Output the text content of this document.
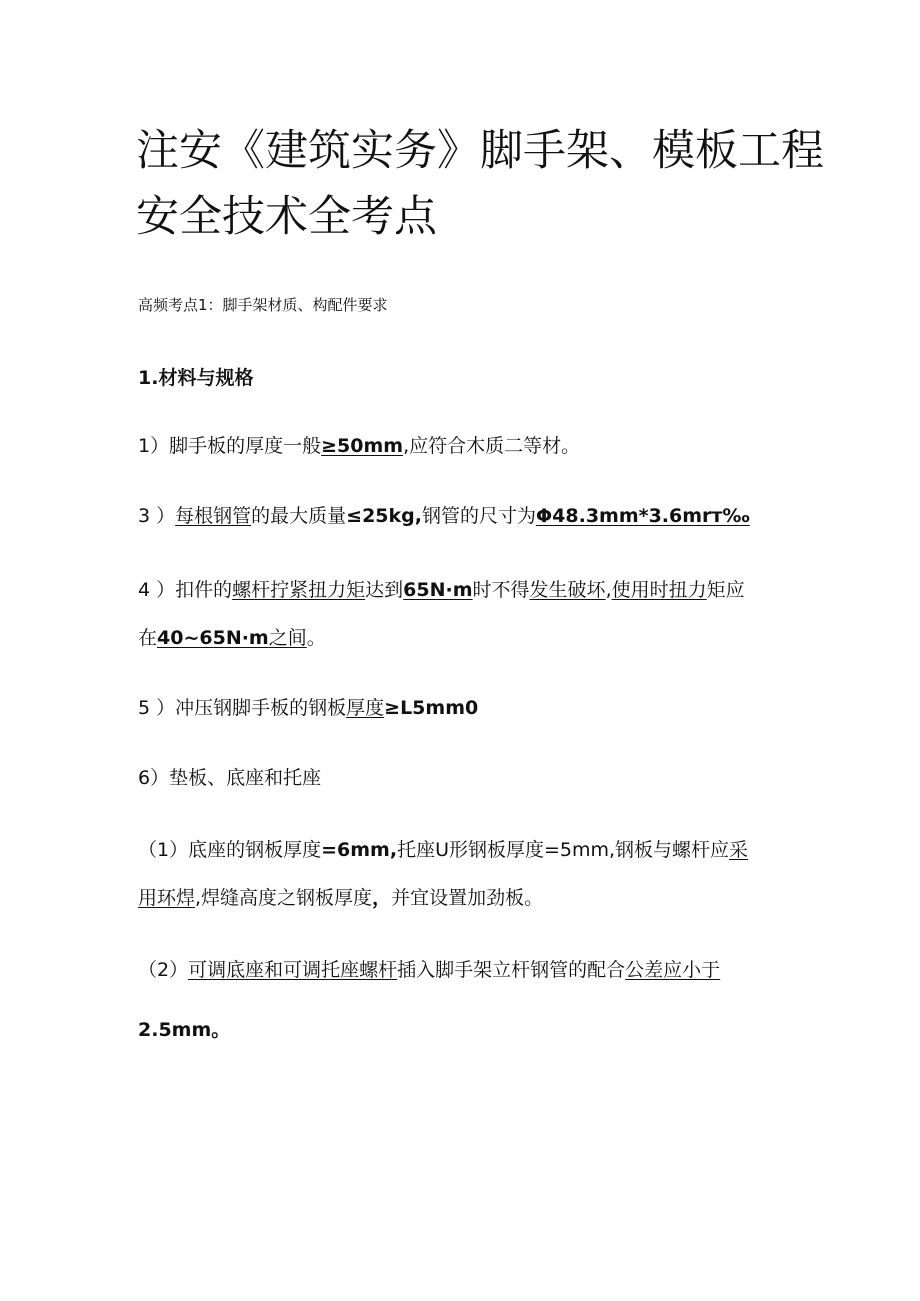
注安《建筑实务》脚手架、模板工程
安全技术全考点
高频考点1：脚手架材质、构配件要求
1.材料与规格
1）脚手板的厚度一般≥50mm,应符合木质二等材。
3 ）每根钢管的最大质量≤25kg,钢管的尺寸为Φ48.3mm*3.6mrт‰
4 ）扣件的螺杆拧紧扭力矩达到65N·m时不得发生破坏,使用时扭力矩应
在40~65N·m之间。
5 ）冲压钢脚手板的钢板厚度≥L5mm0
6）垫板、底座和托座
（1）底座的钢板厚度=6mm,托座U形钢板厚度=5mm,钢板与螺杆应采
用环焊,焊缝高度之钢板厚度，并宜设置加劲板。
（2）可调底座和可调托座螺杆插入脚手架立杆钢管的配合公差应小于
2.5mm。
